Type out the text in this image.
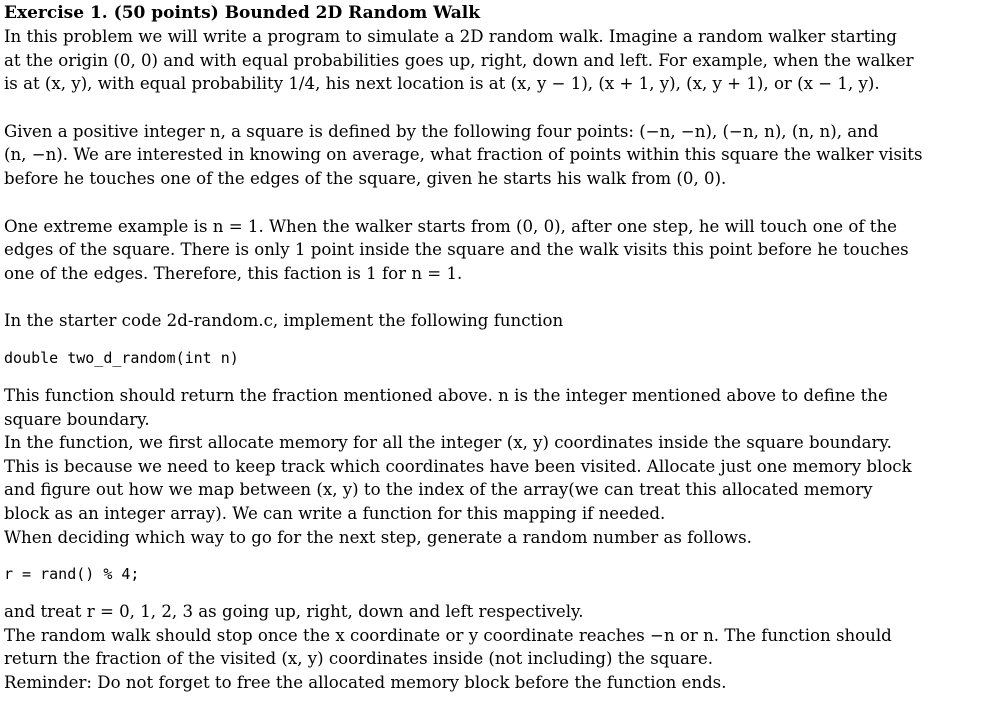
Exercise 1. (50 points) Bounded 2D Random Walk
In this problem we will write a program to simulate a 2D random walk. Imagine a random walker starting
at the origin (0, 0) and with equal probabilities goes up, right, down and left. For example, when the walker
is at (x, y), with equal probability 1/4, his next location is at (x, y − 1), (x + 1, y), (x, y + 1), or (x − 1, y).
Given a positive integer n, a square is defined by the following four points: (−n, −n), (−n, n), (n, n), and
(n, −n). We are interested in knowing on average, what fraction of points within this square the walker visits
before he touches one of the edges of the square, given he starts his walk from (0, 0).
One extreme example is n = 1. When the walker starts from (0, 0), after one step, he will touch one of the
edges of the square. There is only 1 point inside the square and the walk visits this point before he touches
one of the edges. Therefore, this faction is 1 for n = 1.
In the starter code 2d-random.c, implement the following function
double two_d_random(int n)
This function should return the fraction mentioned above. n is the integer mentioned above to define the
square boundary.
In the function, we first allocate memory for all the integer (x, y) coordinates inside the square boundary.
This is because we need to keep track which coordinates have been visited. Allocate just one memory block
and figure out how we map between (x, y) to the index of the array(we can treat this allocated memory
block as an integer array). We can write a function for this mapping if needed.
When deciding which way to go for the next step, generate a random number as follows.
r = rand() % 4;
and treat r = 0, 1, 2, 3 as going up, right, down and left respectively.
The random walk should stop once the x coordinate or y coordinate reaches −n or n. The function should
return the fraction of the visited (x, y) coordinates inside (not including) the square.
Reminder: Do not forget to free the allocated memory block before the function ends.
